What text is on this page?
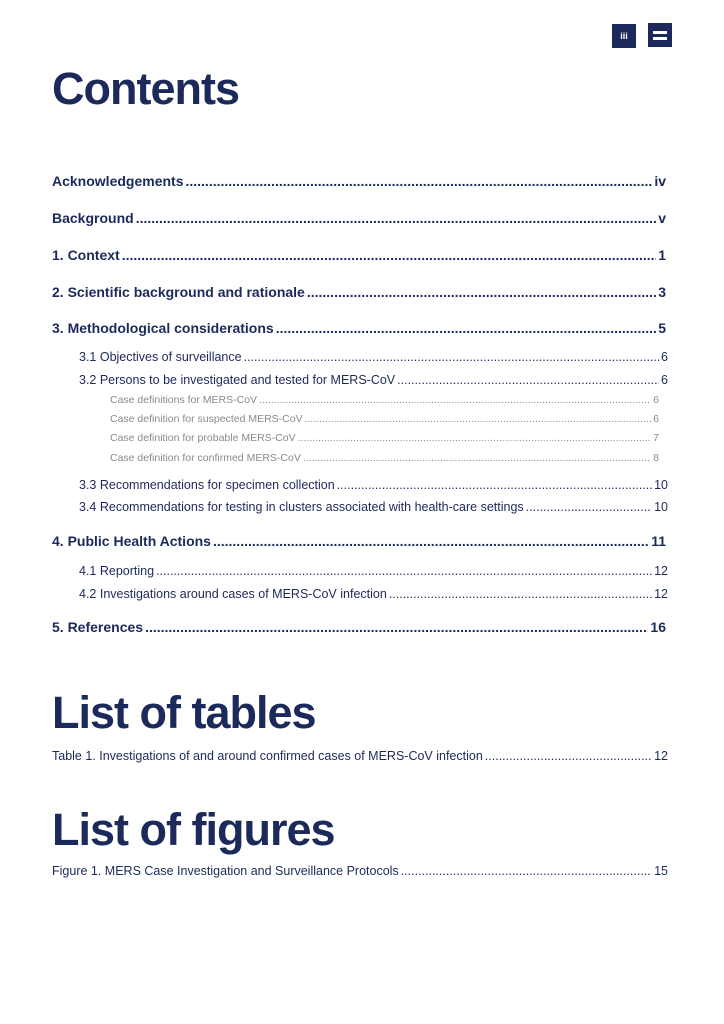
iii
Contents
Acknowledgements .....	iv
Background .....	v
1. Context .....	1
2. Scientific background and rationale .....	3
3. Methodological considerations .....	5
3.1 Objectives of surveillance .....	6
3.2 Persons to be investigated and tested for MERS-CoV .....	6
Case definitions for MERS-CoV .....	6
Case definition for suspected MERS-CoV .....	6
Case definition for probable MERS-CoV .....	7
Case definition for confirmed MERS-CoV .....	8
3.3 Recommendations for specimen collection .....	10
3.4 Recommendations for testing in clusters associated with health-care settings .....	10
4. Public Health Actions .....	11
4.1 Reporting .....	12
4.2 Investigations around cases of MERS-CoV infection .....	12
5. References .....	16
List of tables
Table 1. Investigations of and around confirmed cases of MERS-CoV infection .....	12
List of figures
Figure 1. MERS Case Investigation and Surveillance Protocols .....	15
